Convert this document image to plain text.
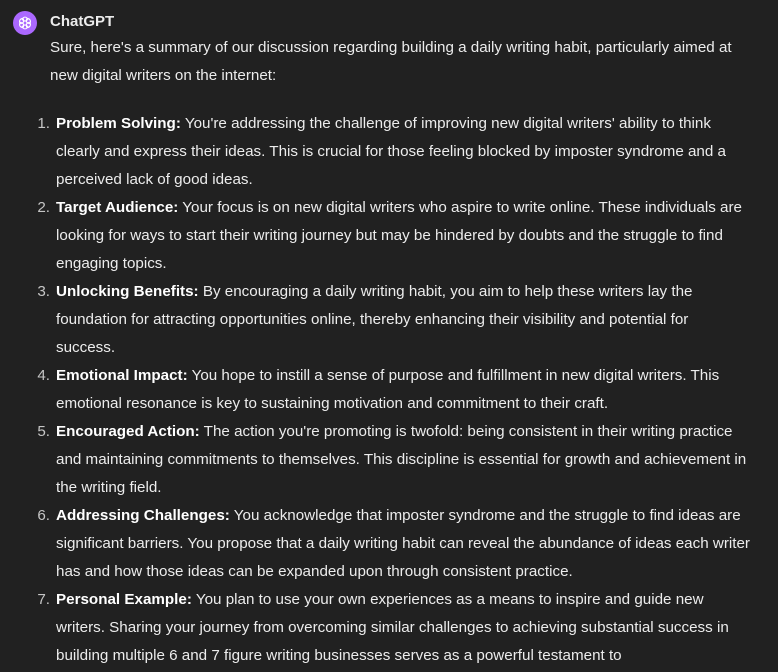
ChatGPT

Sure, here's a summary of our discussion regarding building a daily writing habit, particularly aimed at new digital writers on the internet:

1 . Problem Solving: You're addressing the challenge of improving new digital writers' ability to think clearly and express their ideas. This is crucial for those feeling blocked by imposter syndrome and a perceived lack of good ideas.
2 . Target Audience: Your focus is on new digital writers who aspire to write online. These individuals are looking for ways to start their writing journey but may be hindered by doubts and the struggle to find engaging topics.
3 . Unlocking Benefits: By encouraging a daily writing habit, you aim to help these writers lay the foundation for attracting opportunities online, thereby enhancing their visibility and potential for success.
4 . Emotional Impact: You hope to instill a sense of purpose and fulfillment in new digital writers. This emotional resonance is key to sustaining motivation and commitment to their craft.
5 . Encouraged Action: The action you're promoting is twofold: being consistent in their writing practice and maintaining commitments to themselves. This discipline is essential for growth and achievement in the writing field.
6 . Addressing Challenges: You acknowledge that imposter syndrome and the struggle to find ideas are significant barriers. You propose that a daily writing habit can reveal the abundance of ideas each writer has and how those ideas can be expanded upon through consistent practice.
7 . Personal Example: You plan to use your own experiences as a means to inspire and guide new writers. Sharing your journey from overcoming similar challenges to achieving substantial success in building multiple 6 and 7 figure writing businesses serves as a powerful testament to
